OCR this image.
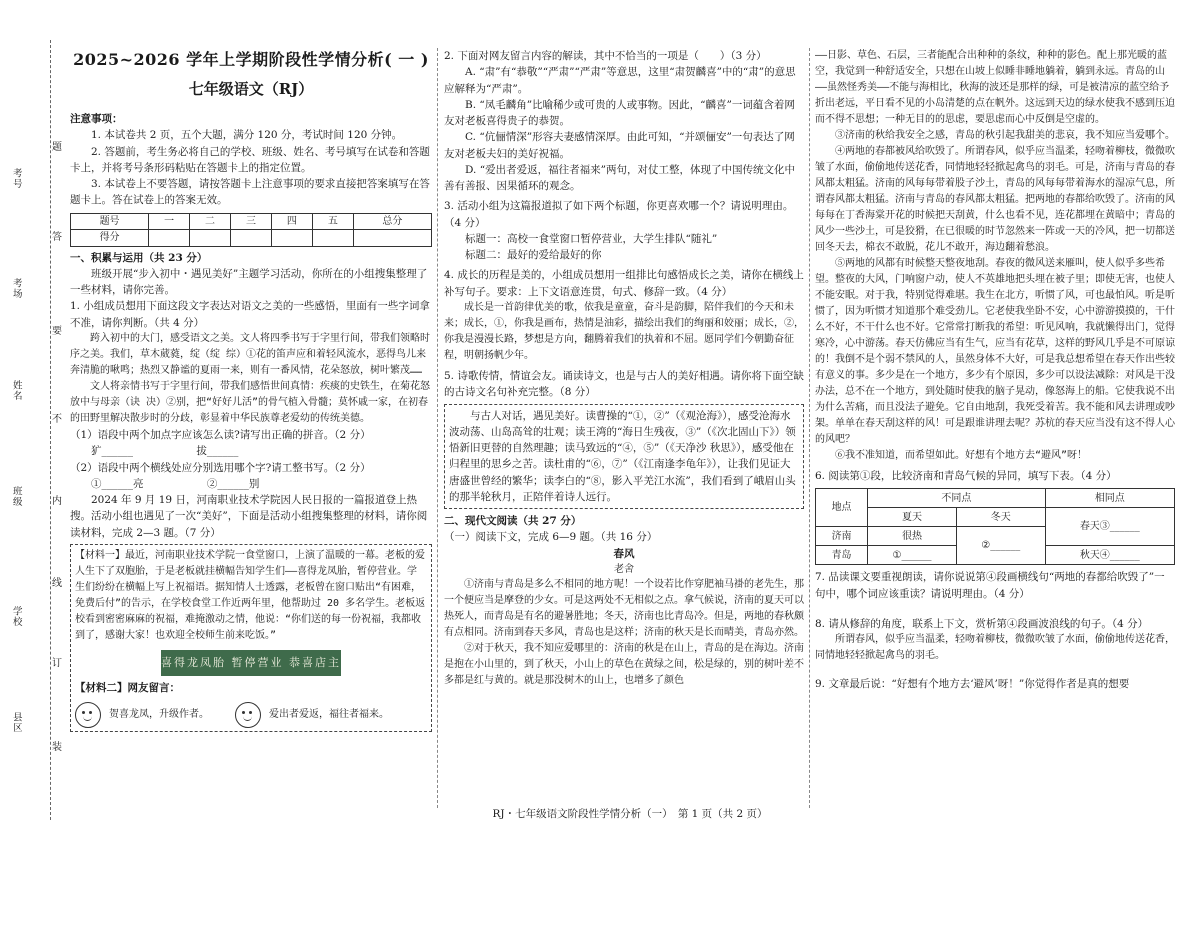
考号
考场
姓名
班级
学校
县区
题
答
要
不
内
线
订
装
2025~2026 学年上学期阶段性学情分析( 一 )
七年级语文（RJ）

注意事项：

1. 本试卷共 2 页，五个大题，满分 120 分，考试时间 120 分钟。

2. 答题前，考生务必将自己的学校、班级、姓名、考号填写在试卷和答题卡上，并将考号条形码粘贴在答题卡上的指定位置。

3. 本试卷上不要答题，请按答题卡上注意事项的要求直接把答案填写在答题卡上。答在试卷上的答案无效。

题号	一	二	三	四	五	总分
得分						

一、积累与运用（共 23 分）

班级开展“步入初中・遇见美好”主题学习活动，你所在的小组搜集整理了一些材料，请你完善。

1. 小组成员想用下面这段文字表达对语文之美的一些感悟，里面有一些字词拿不准，请你判断。（共 4 分）

跨入初中的大门，感受语文之美。文人将四季书写于字里行间，带我们领略时序之美。我们，草木葳蕤，绽（绽 综）①花的笛声应和着轻风流水，恶得鸟儿来奔清脆的啾鸣；热烈又静谧的夏雨一来，则有一番风情，花朵怒放，树叶繁茂……

文人将亲情书写于字里行间，带我们感悟世间真情：疾痰的史铁生，在菊花怒放中与母亲（诀 决）②别，把“好好儿活”的骨气植入骨髓；莫怀戚一家，在初春的田野里解决散步时的分歧，彰显着中华民族尊老爱幼的传统美德。

（1）语段中两个加点字应该怎么读?请写出正确的拼音。（2 分）

犷______	拔______

（2）语段中两个横线处应分别选用哪个字?请工整书写。（2 分）

①______亮	②______别

2024 年 9 月 19 日，河南职业技术学院因人民日报的一篇报道登上热搜。活动小组也遇见了一次“美好”，下面是活动小组搜集整理的材料，请你阅读材料，完成 2—3 题。（7 分）

【材料一】最近，河南职业技术学院一食堂窗口，上演了温暖的一幕。老板的爱人生下了双胞胎，于是老板就挂横幅告知学生们——喜得龙凤胎，暂停营业。学生们纷纷在横幅上写上祝福语。据知情人士透露，老板曾在窗口贴出“有困难，免费后付”的告示，在学校食堂工作近两年里，他帮助过 20 多名学生。老板返校看到密密麻麻的祝福，难掩激动之情，他说：“你们送的每一份祝福，我都收到了，感谢大家！也欢迎全校师生前来吃饭。”

喜得龙凤胎 暂停营业 恭喜店主

【材料二】网友留言：

贺喜龙凤，升级作者。	爱出者爱返，福往者福来。

2. 下面对网友留言内容的解读，其中不恰当的一项是（　　）（3 分）

A. “肃”有“恭敬”“严肃”“严肃”等意思，这里“肃贺麟喜”中的“肃”的意思应解释为“严肃”。

B. “凤毛麟角”比喻稀少或可贵的人或事物。因此，“麟喜”一词蕴含着网友对老板喜得贵子的恭贺。

C. “伉俪情深”形容夫妻感情深厚。由此可知，“并颂俪安”一句表达了网友对老板夫妇的美好祝福。

D. “爱出者爱返，福往者福来”两句，对仗工整，体现了中国传统文化中善有善报、因果循环的观念。

3. 活动小组为这篇报道拟了如下两个标题，你更喜欢哪一个？请说明理由。（4 分）

标题一：高校一食堂窗口暂停营业，大学生排队“随礼”

标题二：最好的爱给最好的你

4. 成长的历程是美的，小组成员想用一组排比句感悟成长之美，请你在横线上补写句子。要求：上下文语意连贯，句式、修辞一致。（4 分）

成长是一首韵律优美的歌，依我是童童，奋斗是韵脚，陪伴我们的今天和未来；成长，①，你我是画布，热情是油彩，描绘出我们的绚丽和姣丽；成长，②，你我是漫漫长路，梦想是方向，翻腾着我们的执着和不屈。愿同学们今朝勤奋征程，明朝扬帆少年。

5. 诗歌传情，情谊会友。诵读诗文，也是与古人的美好相遇。请你将下面空缺的古诗文名句补充完整。（8 分）

与古人对话，遇见美好。读曹操的“①，②”（《观沧海》），感受沧海水波动荡、山岛高耸的壮观；读王湾的“海日生残夜，③”（《次北固山下》）领悟新旧更替的自然理趣；读马致远的“④，⑤”（《天净沙 秋思》），感受他在归程里的思乡之苦。读杜甫的“⑥，⑦”（《江南逢李龟年》），让我们见证大唐盛世曾经的繁华；读李白的“⑧，影入平羌江水流”，我们看到了峨眉山头的那半轮秋月，正陪伴着诗人远行。

二、现代文阅读（共 27 分）

（一）阅读下文，完成 6—9 题。（共 16 分）

春风

老舍

①济南与青岛是多么不相同的地方呢！一个设若比作穿肥袖马褂的老先生，那一个便应当是摩登的少女。可是这两处不无相似之点。拿气候说，济南的夏天可以热死人，而青岛是有名的避暑胜地；冬天，济南也比青岛冷。但是，两地的春秋颇有点相同。济南到春天多风，青岛也是这样；济南的秋天是长而晴美，青岛亦然。

②对于秋天，我不知应爱哪里的：济南的秋是在山上，青岛的是在海边。济南是抱在小山里的，到了秋天，小山上的草色在黄绿之间，松是绿的，别的树叶差不多都是红与黄的。就是那没树木的山上，也增多了颜色

——日影、草色、石层，三者能配合出种种的条纹，种种的影色。配上那光暖的蓝空，我觉到一种舒适安全，只想在山坡上似睡非睡地躺着，躺到永远。青岛的山——虽然怪秀美——不能与海相比，秋海的波还是那样的绿，可是被清凉的蓝空给予折出老远，平日看不见的小岛清楚的点在帆外。这远到天边的绿水使我不感到压迫而不得不思想；一种无目的的思虑，要思虑而心中反倒是空虚的。

③济南的秋给我安全之感，青岛的秋引起我甜美的悲哀，我不知应当爱哪个。

④两地的春都被风给吹毁了。所谓春风，似乎应当温柔，轻吻着柳枝，微微吹皱了水面，偷偷地传送花香，同情地轻轻掀起禽鸟的羽毛。可是，济南与青岛的春风都太粗猛。济南的风每每带着股子沙土，青岛的风每每带着海水的湿凉气息，所谓春风都太粗猛。济南与青岛的春风都太粗猛。把两地的春都给吹毁了。济南的风每每在丁香海棠开花的时候把天刮黄，什么也看不见，连花都埋在黄暗中；青岛的风少一些沙土，可是狡猾，在已很暖的时节忽然来一阵或一天的冷风，把一切都送回冬天去，棉衣不敢脱，花儿不敢开，海边翻着愁浪。

⑤两地的风都有时候整天整夜地刮。春夜的微风送来雁叫，使人似乎多些希望。整夜的大风，门响窗户动，使人不英雄地把头埋在被子里；即使无害，也使人不能安眠。对于我，特别觉得难堪。我生在北方，听惯了风，可也最怕风。听是听惯了，因为听惯才知道那个难受劲儿。它老使我坐卧不安，心中游游摸摸的，干什么不好，不干什么也不好。它常常打断我的希望：听见风响，我就懒得出门，觉得寒冷，心中游荡。春天仿佛应当有生气，应当有花草，这样的野风几乎是不可原谅的！我倒不是个弱不禁风的人，虽然身体不大好，可是我总想希望在春天作出些较有意义的事。多少是在一个地方，多少有个原因，多少可以设法减除：对风是干没办法，总不在一个地方，到处随时使我的脑子晃动，像怒海上的船。它使我说不出为什么苦痛，而且没法子避免。它自由地刮，我死受着苦。我不能和风去讲理或吵架。单单在春天刮这样的风！可是跟谁讲理去呢？苏杭的春天应当没有这不得人心的风吧？

⑥我不准知道，而希望如此。好想有个地方去“避风”呀！

6. 阅读第①段，比较济南和青岛气候的异同，填写下表。（4 分）

地点	不同点		相同点
	夏天	冬天	春天③______
济南	很热	②______	
青岛	①______		秋天④______

7. 品读课文要重视朗读，请你说说第④段画横线句“两地的春都给吹毁了”一句中，哪个词应该重读？请说明理由。（4 分）

8. 请从修辞的角度，联系上下文，赏析第④段画波浪线的句子。（4 分）

所谓春风，似乎应当温柔，轻吻着柳枝，微微吹皱了水面，偷偷地传送花香，同情地轻轻掀起禽鸟的羽毛。

9. 文章最后说：“好想有个地方去‘避风’呀！”你觉得作者是真的想要

RJ・七年级语文阶段性学情分析（一）　第 1 页（共 2 页）
